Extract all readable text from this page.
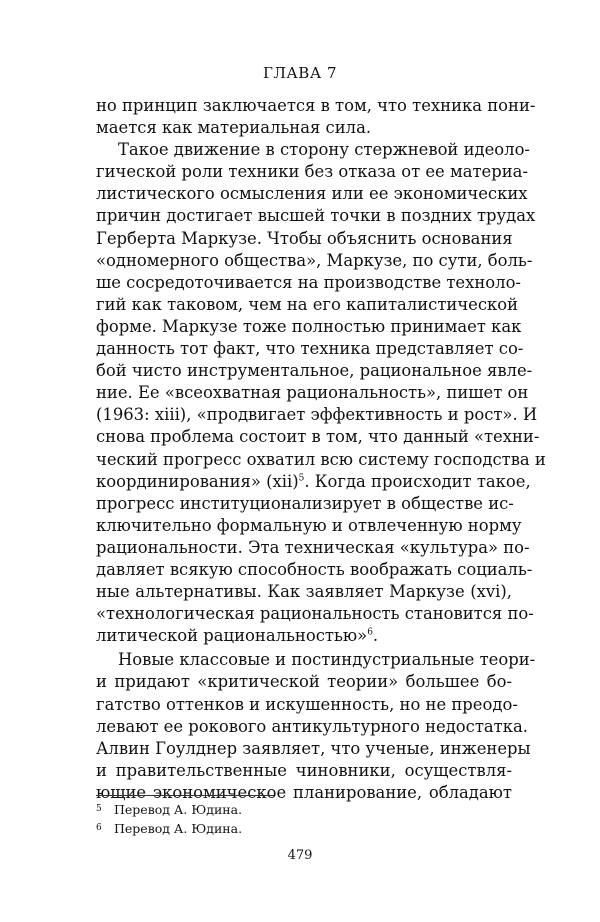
ГЛАВА 7
но принцип заключается в том, что техника пони-
мается как материальная сила.
Такое движение в сторону стержневой идеоло-
гической роли техники без отказа от ее материа-
листического осмысления или ее экономических
причин достигает высшей точки в поздних трудах
Герберта Маркузе. Чтобы объяснить основания
«одномерного общества», Маркузе, по сути, боль-
ше сосредоточивается на производстве техноло-
гий как таковом, чем на его капиталистической
форме. Маркузе тоже полностью принимает как
данность тот факт, что техника представляет со-
бой чисто инструментальное, рациональное явле-
ние. Ее «всеохватная рациональность», пишет он
(1963: xiii), «продвигает эффективность и рост». И
снова проблема состоит в том, что данный «техни-
ческий прогресс охватил всю систему господства и
координирования» (xii)$^5$. Когда происходит такое,
прогресс институционализирует в обществе ис-
ключительно формальную и отвлеченную норму
рациональности. Эта техническая «культура» по-
давляет всякую способность воображать социаль-
ные альтернативы. Как заявляет Маркузе (xvi),
«технологическая рациональность становится по-
литической рациональностью»$^6$.
Новые классовые и постиндустриальные теори-
и придают «критической теории» большее бо-
гатство оттенков и искушенность, но не преодо-
левают ее рокового антикультурного недостатка.
Алвин Гоулднер заявляет, что ученые, инженеры
и правительственные чиновники, осуществля-
ющие экономическое планирование, обладают
5 Перевод А. Юдина.
6 Перевод А. Юдина.
479
